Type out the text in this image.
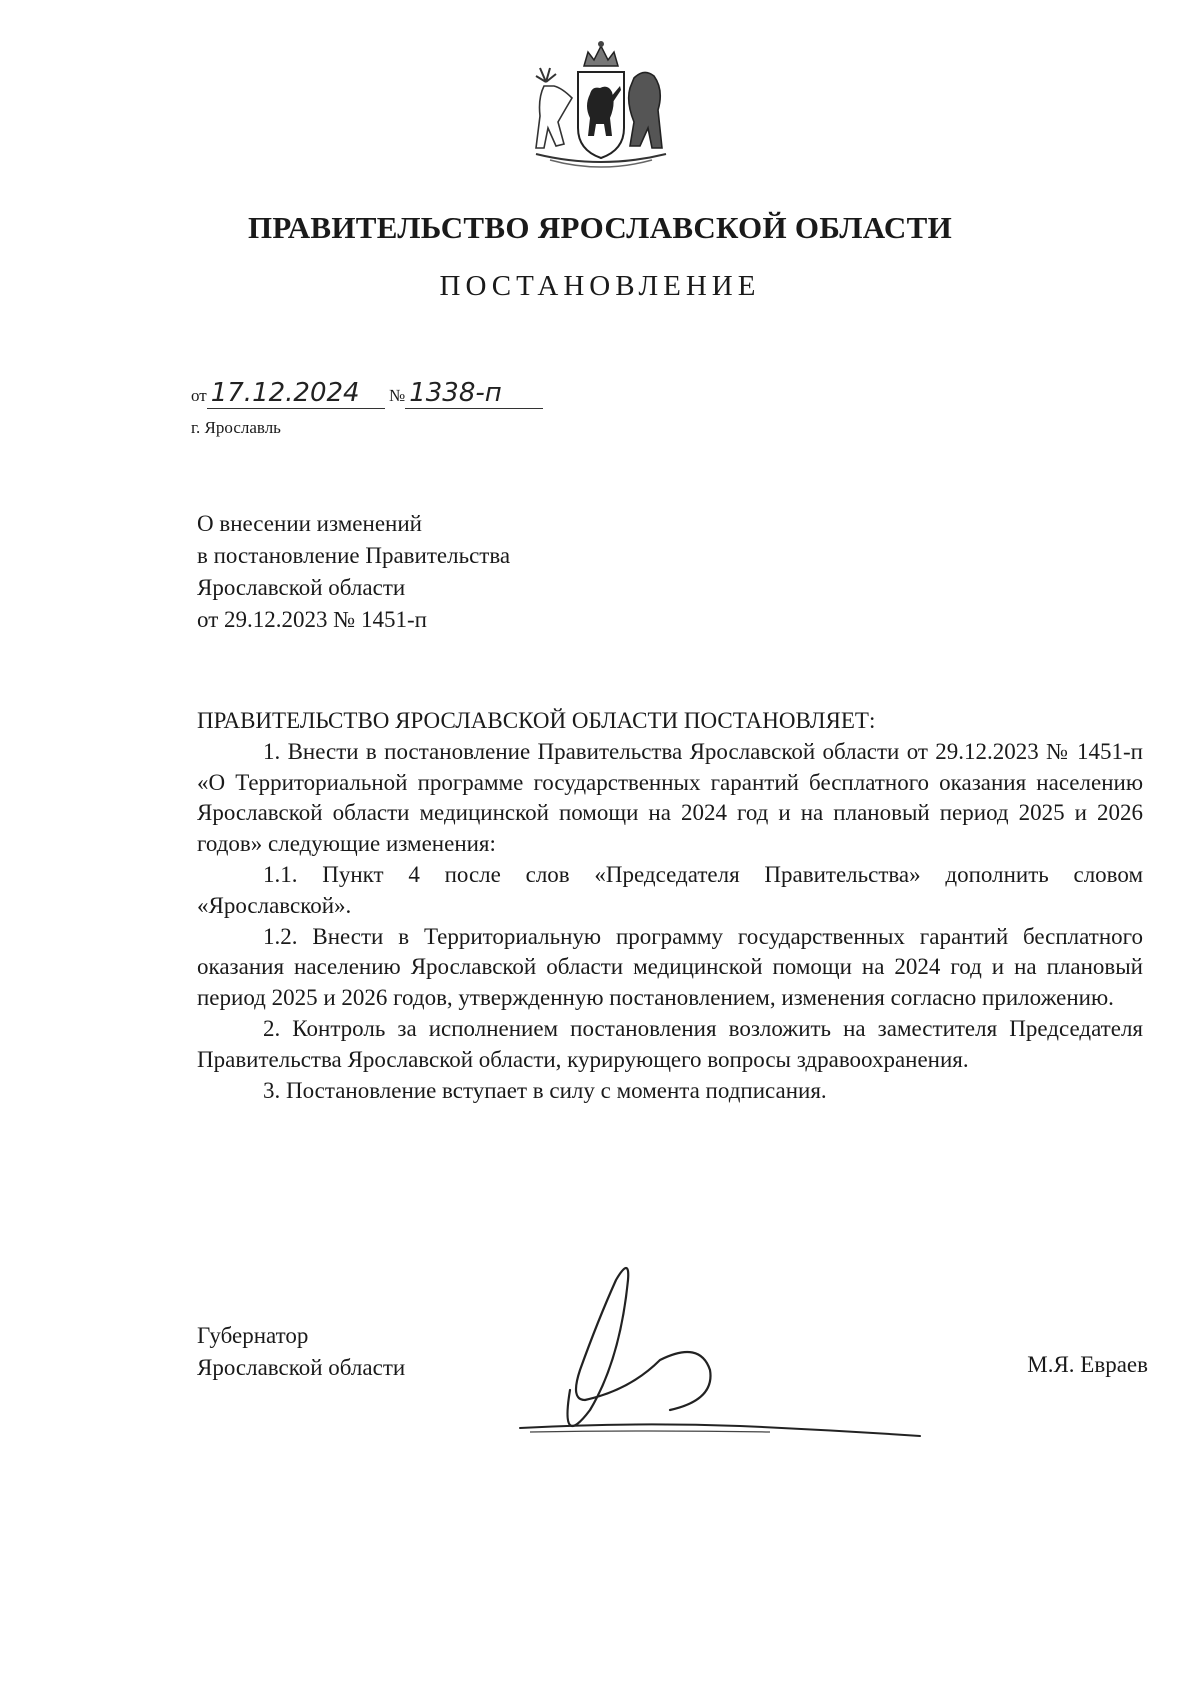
ПРАВИТЕЛЬСТВО ЯРОСЛАВСКОЙ ОБЛАСТИ
ПОСТАНОВЛЕНИЕ
от 17.12.2024 № 1338-п
г. Ярославль
О внесении изменений
в постановление Правительства
Ярославской области
от 29.12.2023 № 1451-п

ПРАВИТЕЛЬСТВО ЯРОСЛАВСКОЙ ОБЛАСТИ ПОСТАНОВЛЯЕТ:

1. Внести в постановление Правительства Ярославской области от 29.12.2023 № 1451-п «О Территориальной программе государственных гарантий бесплатного оказания населению Ярославской области медицинской помощи на 2024 год и на плановый период 2025 и 2026 годов» следующие изменения:

1.1. Пункт 4 после слов «Председателя Правительства» дополнить словом «Ярославской».

1.2. Внести в Территориальную программу государственных гарантий бесплатного оказания населению Ярославской области медицинской помощи на 2024 год и на плановый период 2025 и 2026 годов, утвержденную постановлением, изменения согласно приложению.

2. Контроль за исполнением постановления возложить на заместителя Председателя Правительства Ярославской области, курирующего вопросы здравоохранения.

3. Постановление вступает в силу с момента подписания.

Губернатор
Ярославской области	М.Я. Евраев
